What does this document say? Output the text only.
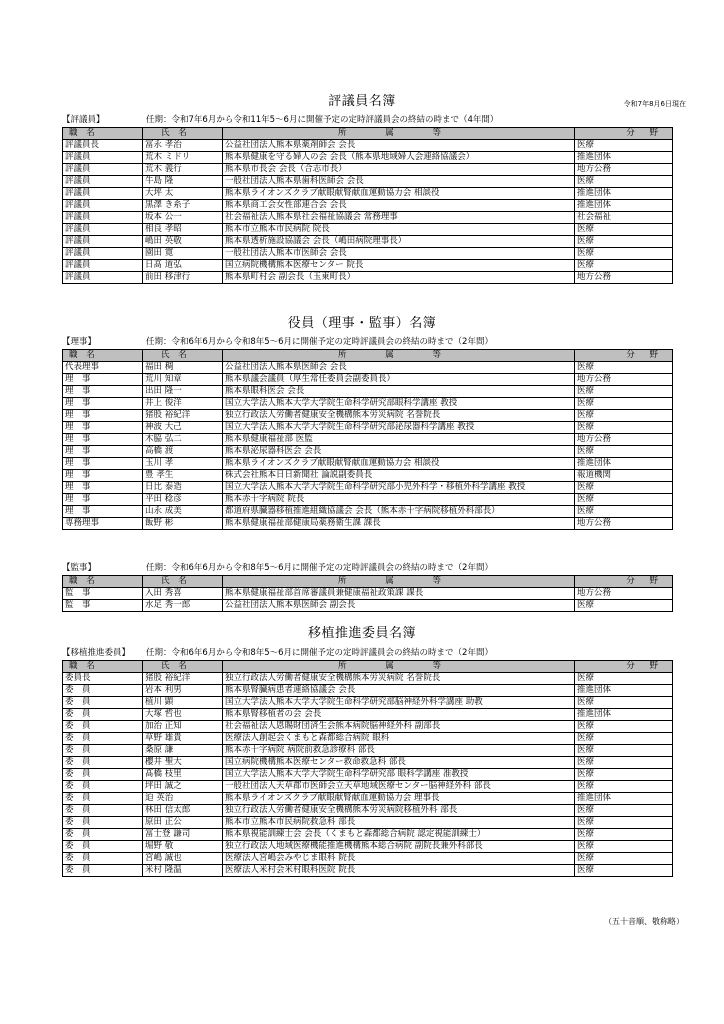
評議員名簿	令和7年8月6日現在
【評議員】	任期：令和7年6月から令和11年5～6月に開催予定の定時評議員会の終結の時まで（4年間）
職 名	氏 名	所 属 等	分 野
評議員長	冨永 孝治	公益社団法人熊本県薬剤師会 会長	医療
評議員	荒木 ミドリ	熊本県健康を守る婦人の会 会長（熊本県地域婦人会連絡協議会）	推進団体
評議員	荒木 義行	熊本県市長会 会長（合志市長）	地方公務
評議員	牛島 隆	一般社団法人熊本県歯科医師会 会長	医療
評議員	大坪 太	熊本県ライオンズクラブ献眼献腎献血運動協力会 相談役	推進団体
評議員	黒澤 き糸子	熊本県商工会女性部連合会 会長	推進団体
評議員	坂本 公一	社会福祉法人熊本県社会福祉協議会 常務理事	社会福祉
評議員	相良 孝昭	熊本市立熊本市民病院 院長	医療
評議員	嶋田 英敬	熊本県透析施設協議会 会長（嶋田病院理事長）	医療
評議員	園田 寛	一般社団法人熊本市医師会 会長	医療
評議員	日髙 道弘	国立病院機構熊本医療センター 院長	医療
評議員	前田 移津行	熊本県町村会 副会長（玉東町長）	地方公務
役員（理事・監事）名簿
【理事】	任期：令和6年6月から令和8年5～6月に開催予定の定時評議員会の終結の時まで（2年間）
職 名	氏 名	所 属 等	分 野
代表理事	福田 稠	公益社団法人熊本県医師会 会長	医療
理　事	荒川 知章	熊本県議会議員（厚生常任委員会副委員長）	地方公務
理　事	出田 隆一	熊本県眼科医会 会長	医療
理　事	井上 俊洋	国立大学法人熊本大学大学院生命科学研究部眼科学講座 教授	医療
理　事	猪股 裕紀洋	独立行政法人労働者健康安全機構熊本労災病院 名誉院長	医療
理　事	神波 大己	国立大学法人熊本大学大学院生命科学研究部泌尿器科学講座 教授	医療
理　事	木脇 弘二	熊本県健康福祉部 医監	地方公務
理　事	高橋 渡	熊本県泌尿器科医会 会長	医療
理　事	玉川 孝	熊本県ライオンズクラブ献眼献腎献血運動協力会 相談役	推進団体
理　事	豊 孝生	株式会社熊本日日新聞社 論説副委員長	報道機関
理　事	日比 泰造	国立大学法人熊本大学大学院生命科学研究部小児外科学・移植外科学講座 教授	医療
理　事	平田 稔彦	熊本赤十字病院 院長	医療
理　事	山永 成美	都道府県臓器移植推進組織協議会 会長（熊本赤十字病院移植外科部長）	医療
専務理事	飯野 彬	熊本県健康福祉部健康局薬務衛生課 課長	地方公務
【監事】	任期：令和6年6月から令和8年5～6月に開催予定の定時評議員会の終結の時まで（2年間）
職 名	氏 名	所 属 等	分 野
監　事	入田 秀喜	熊本県健康福祉部首席審議員兼健康福祉政策課 課長	地方公務
監　事	水足 秀一郎	公益社団法人熊本県医師会 副会長	医療
移植推進委員名簿
【移植推進委員】 任期：令和6年6月から令和8年5～6月に開催予定の定時評議員会の終結の時まで（2年間）
職 名	氏 名	所 属 等	分 野
委員長	猪股 裕紀洋	独立行政法人労働者健康安全機構熊本労災病院 名誉院長	医療
委　員	岩本 利男	熊本県腎臓病患者連絡協議会 会長	推進団体
委　員	植川 顕	国立大学法人熊本大学大学院生命科学研究部脳神経外科学講座 助教	医療
委　員	大塚 哲也	熊本県腎移植者の会 会長	推進団体
委　員	加治 正知	社会福祉法人恩賜財団済生会熊本病院脳神経外科 副部長	医療
委　員	草野 雄貴	医療法人創起会くまもと森都総合病院 眼科	医療
委　員	桑原 謙	熊本赤十字病院 病院前救急診療科 部長	医療
委　員	櫻井 聖大	国立病院機構熊本医療センター救命救急科 部長	医療
委　員	髙橋 枝里	国立大学法人熊本大学大学院生命科学研究部 眼科学講座 准教授	医療
委　員	坪田 誠之	一般社団法人天草郡市医師会立天草地域医療センター脳神経外科 部長	医療
委　員	迫 英治	熊本県ライオンズクラブ献眼献腎献血運動協力会 理事長	推進団体
委　員	林田 信太郎	独立行政法人労働者健康安全機構熊本労災病院移植外科 部長	医療
委　員	原田 正公	熊本市立熊本市民病院救急科 部長	医療
委　員	冨士登 謙司	熊本県視能訓練士会 会長（くまもと森都総合病院 認定視能訓練士）	医療
委　員	堀野 敬	独立行政法人地域医療機能推進機構熊本総合病院 副院長兼外科部長	医療
委　員	宮嶋 誠也	医療法人宮嶋会みやじま眼科 院長	医療
委　員	米村 隆温	医療法人米村会米村眼科医院 院長	医療
（五十音順、敬称略）
